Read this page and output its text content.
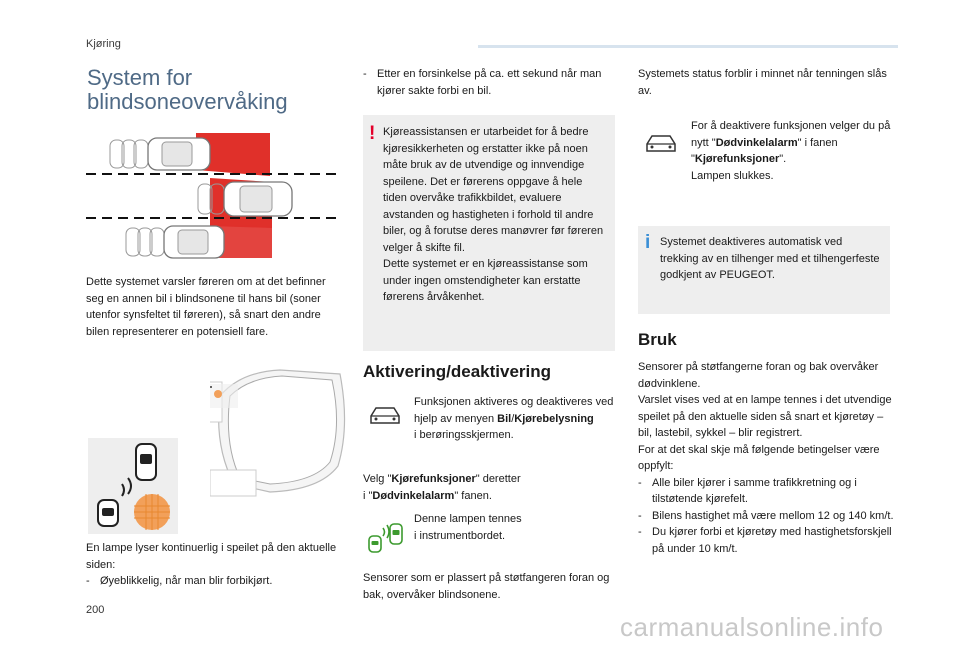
Kjøring
System for blindsoneovervåking
Dette systemet varsler føreren om at det befinner seg en annen bil i blindsonene til hans bil (soner utenfor synsfeltet til føreren), så snart den andre bilen representerer en potensiell fare.
En lampe lyser kontinuerlig i speilet på den aktuelle siden:
- Øyeblikkelig, når man blir forbikjørt.
- Etter en forsinkelse på ca. ett sekund når man kjører sakte forbi en bil.
! Kjøreassistansen er utarbeidet for å bedre kjøresikkerheten og erstatter ikke på noen måte bruk av de utvendige og innvendige speilene. Det er førerens oppgave å hele tiden overvåke trafikkbildet, evaluere avstanden og hastigheten i forhold til andre biler, og å forutse deres manøvrer før føreren velger å skifte fil.
Dette systemet er en kjøreassistanse som under ingen omstendigheter kan erstatte førerens årvåkenhet.
Aktivering/deaktivering
Funksjonen aktiveres og deaktiveres ved hjelp av menyen Bil/Kjørebelysning
i berøringsskjermen.
Velg "Kjørefunksjoner" deretter
i "Dødvinkelalarm" fanen.
Denne lampen tennes
i instrumentbordet.
Sensorer som er plassert på støtfangeren foran og bak, overvåker blindsonene.
Systemets status forblir i minnet når tenningen slås av.
For å deaktivere funksjonen velger du på nytt "Dødvinkelalarm" i fanen
"Kjørefunksjoner".
Lampen slukkes.
i Systemet deaktiveres automatisk ved trekking av en tilhenger med et tilhengerfeste godkjent av PEUGEOT.
Bruk
Sensorer på støtfangerne foran og bak overvåker dødvinklene.
Varslet vises ved at en lampe tennes i det utvendige speilet på den aktuelle siden så snart et kjøretøy – bil, lastebil, sykkel – blir registrert.
For at det skal skje må følgende betingelser være oppfylt:
- Alle biler kjører i samme trafikkretning og i tilstøtende kjørefelt.
- Bilens hastighet må være mellom 12 og 140 km/t.
- Du kjører forbi et kjøretøy med hastighetsforskjell på under 10 km/t.
200
carmanualsonline.info
